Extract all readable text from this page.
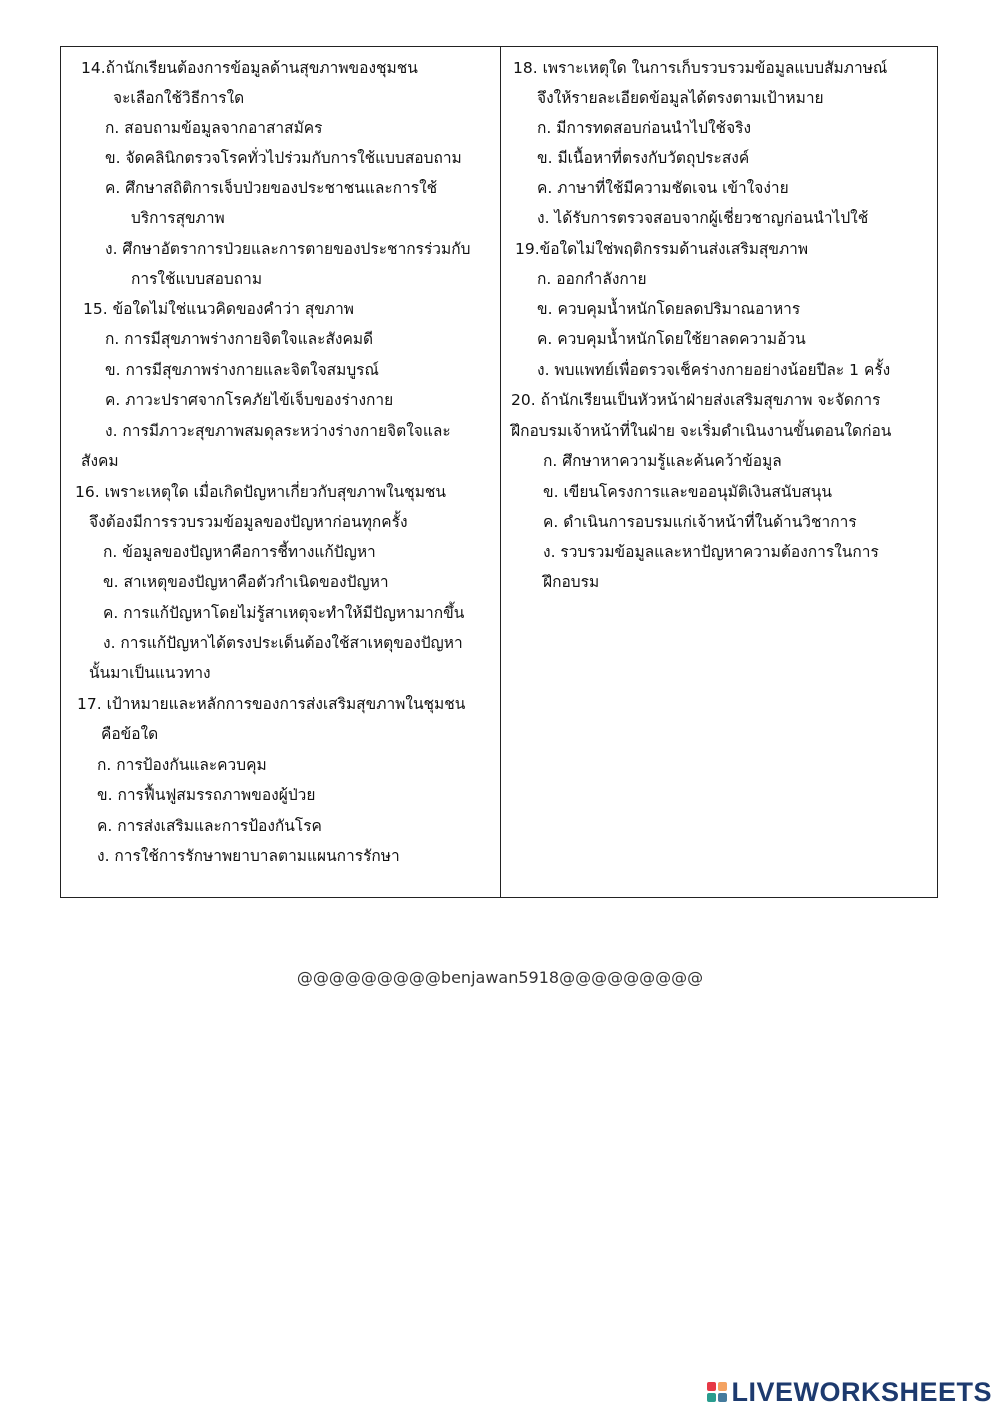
14.ถ้านักเรียนต้องการข้อมูลด้านสุขภาพของชุมชน
จะเลือกใช้วิธีการใด
ก. สอบถามข้อมูลจากอาสาสมัคร
ข. จัดคลินิกตรวจโรคทั่วไปร่วมกับการใช้แบบสอบถาม
ค. ศึกษาสถิติการเจ็บป่วยของประชาชนและการใช้
บริการสุขภาพ
ง. ศึกษาอัตราการป่วยและการตายของประชากรร่วมกับ
การใช้แบบสอบถาม
15. ข้อใดไม่ใช่แนวคิดของคำว่า สุขภาพ
ก. การมีสุขภาพร่างกายจิตใจและสังคมดี
ข. การมีสุขภาพร่างกายและจิตใจสมบูรณ์
ค. ภาวะปราศจากโรคภัยไข้เจ็บของร่างกาย
ง. การมีภาวะสุขภาพสมดุลระหว่างร่างกายจิตใจและ
สังคม
16. เพราะเหตุใด เมื่อเกิดปัญหาเกี่ยวกับสุขภาพในชุมชน
จึงต้องมีการรวบรวมข้อมูลของปัญหาก่อนทุกครั้ง
ก. ข้อมูลของปัญหาคือการชี้ทางแก้ปัญหา
ข. สาเหตุของปัญหาคือตัวกำเนิดของปัญหา
ค. การแก้ปัญหาโดยไม่รู้สาเหตุจะทำให้มีปัญหามากขึ้น
ง. การแก้ปัญหาได้ตรงประเด็นต้องใช้สาเหตุของปัญหา
นั้นมาเป็นแนวทาง
17. เป้าหมายและหลักการของการส่งเสริมสุขภาพในชุมชน
คือข้อใด
ก. การป้องกันและควบคุม
ข. การฟื้นฟูสมรรถภาพของผู้ป่วย
ค. การส่งเสริมและการป้องกันโรค
ง. การใช้การรักษาพยาบาลตามแผนการรักษา
18. เพราะเหตุใด ในการเก็บรวบรวมข้อมูลแบบสัมภาษณ์
จึงให้รายละเอียดข้อมูลได้ตรงตามเป้าหมาย
ก. มีการทดสอบก่อนนำไปใช้จริง
ข. มีเนื้อหาที่ตรงกับวัตถุประสงค์
ค. ภาษาที่ใช้มีความชัดเจน เข้าใจง่าย
ง. ได้รับการตรวจสอบจากผู้เชี่ยวชาญก่อนนำไปใช้
19.ข้อใดไม่ใช่พฤติกรรมด้านส่งเสริมสุขภาพ
ก. ออกกำลังกาย
ข. ควบคุมน้ำหนักโดยลดปริมาณอาหาร
ค. ควบคุมน้ำหนักโดยใช้ยาลดความอ้วน
ง. พบแพทย์เพื่อตรวจเช็คร่างกายอย่างน้อยปีละ 1 ครั้ง
20. ถ้านักเรียนเป็นหัวหน้าฝ่ายส่งเสริมสุขภาพ จะจัดการ
ฝึกอบรมเจ้าหน้าที่ในฝ่าย จะเริ่มดำเนินงานขั้นตอนใดก่อน
ก. ศึกษาหาความรู้และค้นคว้าข้อมูล
ข. เขียนโครงการและขออนุมัติเงินสนับสนุน
ค. ดำเนินการอบรมแก่เจ้าหน้าที่ในด้านวิชาการ
ง. รวบรวมข้อมูลและหาปัญหาความต้องการในการ
ฝึกอบรม
@@@@@@@@@benjawan5918@@@@@@@@@
LIVEWORKSHEETS
